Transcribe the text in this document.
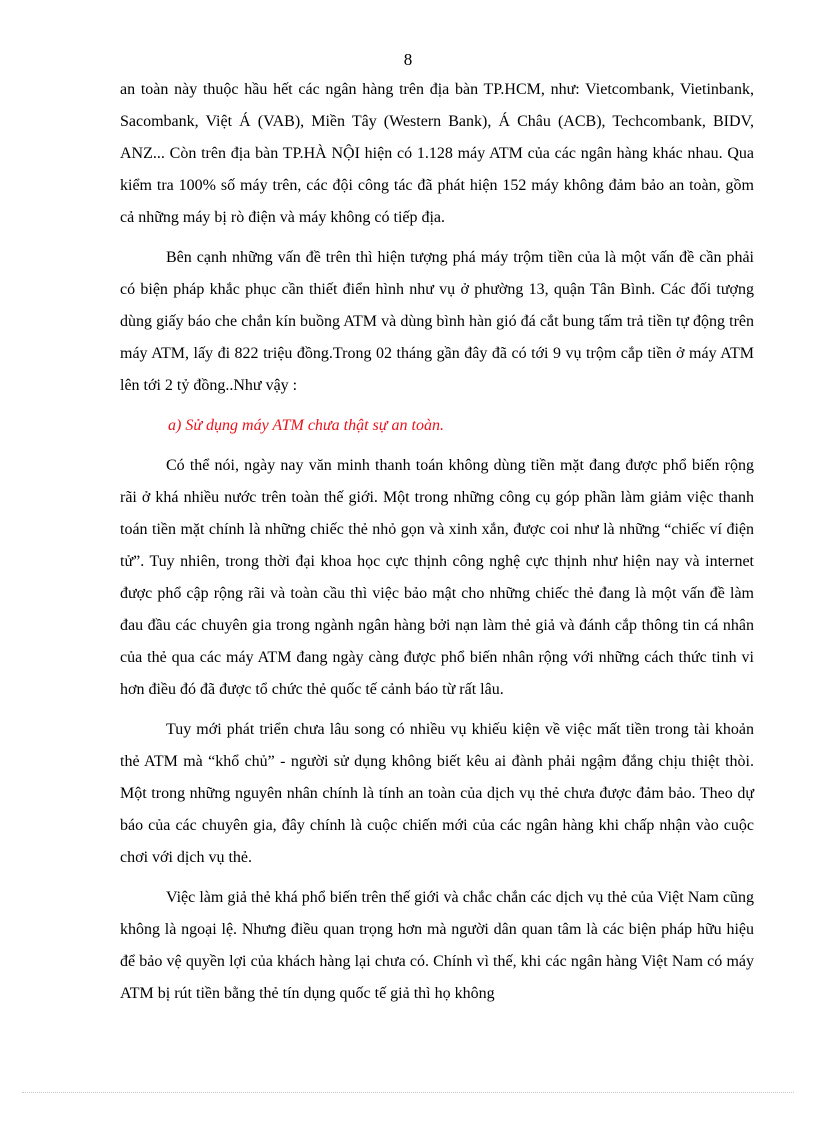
8

an toàn này thuộc hầu hết các ngân hàng trên địa bàn TP.HCM, như: Vietcombank, Vietinbank, Sacombank, Việt Á (VAB), Miền Tây (Western Bank), Á Châu (ACB), Techcombank, BIDV, ANZ... Còn trên địa bàn TP.HÀ NỘI hiện có 1.128 máy ATM của các ngân hàng khác nhau. Qua kiểm tra 100% số máy trên, các đội công tác đã phát hiện 152 máy không đảm bảo an toàn, gồm cả những máy bị rò điện và máy không có tiếp địa.

Bên cạnh những vấn đề trên thì hiện tượng phá máy trộm tiền của là một vấn đề cần phải có biện pháp khắc phục cần thiết điển hình như vụ ở phường 13, quận Tân Bình. Các đối tượng dùng giấy báo che chắn kín buồng ATM và dùng bình hàn gió đá cắt bung tấm trả tiền tự động trên máy ATM, lấy đi 822 triệu đồng.Trong 02 tháng gần đây đã có tới 9 vụ trộm cắp tiền ở máy ATM lên tới 2 tỷ đồng..Như vậy :

a) Sử dụng máy ATM chưa thật sự an toàn.

Có thể nói, ngày nay văn minh thanh toán không dùng tiền mặt đang được phổ biến rộng rãi ở khá nhiều nước trên toàn thế giới. Một trong những công cụ góp phần làm giảm việc thanh toán tiền mặt chính là những chiếc thẻ nhỏ gọn và xinh xắn, được coi như là những “chiếc ví điện tử”. Tuy nhiên, trong thời đại khoa học cực thịnh công nghệ cực thịnh như hiện nay và internet được phổ cập rộng rãi và toàn cầu thì việc bảo mật cho những chiếc thẻ đang là một vấn đề làm đau đầu các chuyên gia trong ngành ngân hàng bởi nạn làm thẻ giả và đánh cắp thông tin cá nhân của thẻ qua các máy ATM đang ngày càng được phổ biến nhân rộng với những cách thức tinh vi hơn điều đó đã được tổ chức thẻ quốc tế cảnh báo từ rất lâu.

Tuy mới phát triển chưa lâu song có nhiều vụ khiếu kiện về việc mất tiền trong tài khoản thẻ ATM mà “khổ chủ” - người sử dụng không biết kêu ai đành phải ngậm đắng chịu thiệt thòi. Một trong những nguyên nhân chính là tính an toàn của dịch vụ thẻ chưa được đảm bảo. Theo dự báo của các chuyên gia, đây chính là cuộc chiến mới của các ngân hàng khi chấp nhận vào cuộc chơi với dịch vụ thẻ.

Việc làm giả thẻ khá phổ biến trên thế giới và chắc chắn các dịch vụ thẻ của Việt Nam cũng không là ngoại lệ. Nhưng điều quan trọng hơn mà người dân quan tâm là các biện pháp hữu hiệu để bảo vệ quyền lợi của khách hàng lại chưa có. Chính vì thế, khi các ngân hàng Việt Nam có máy ATM bị rút tiền bằng thẻ tín dụng quốc tế giả thì họ không
